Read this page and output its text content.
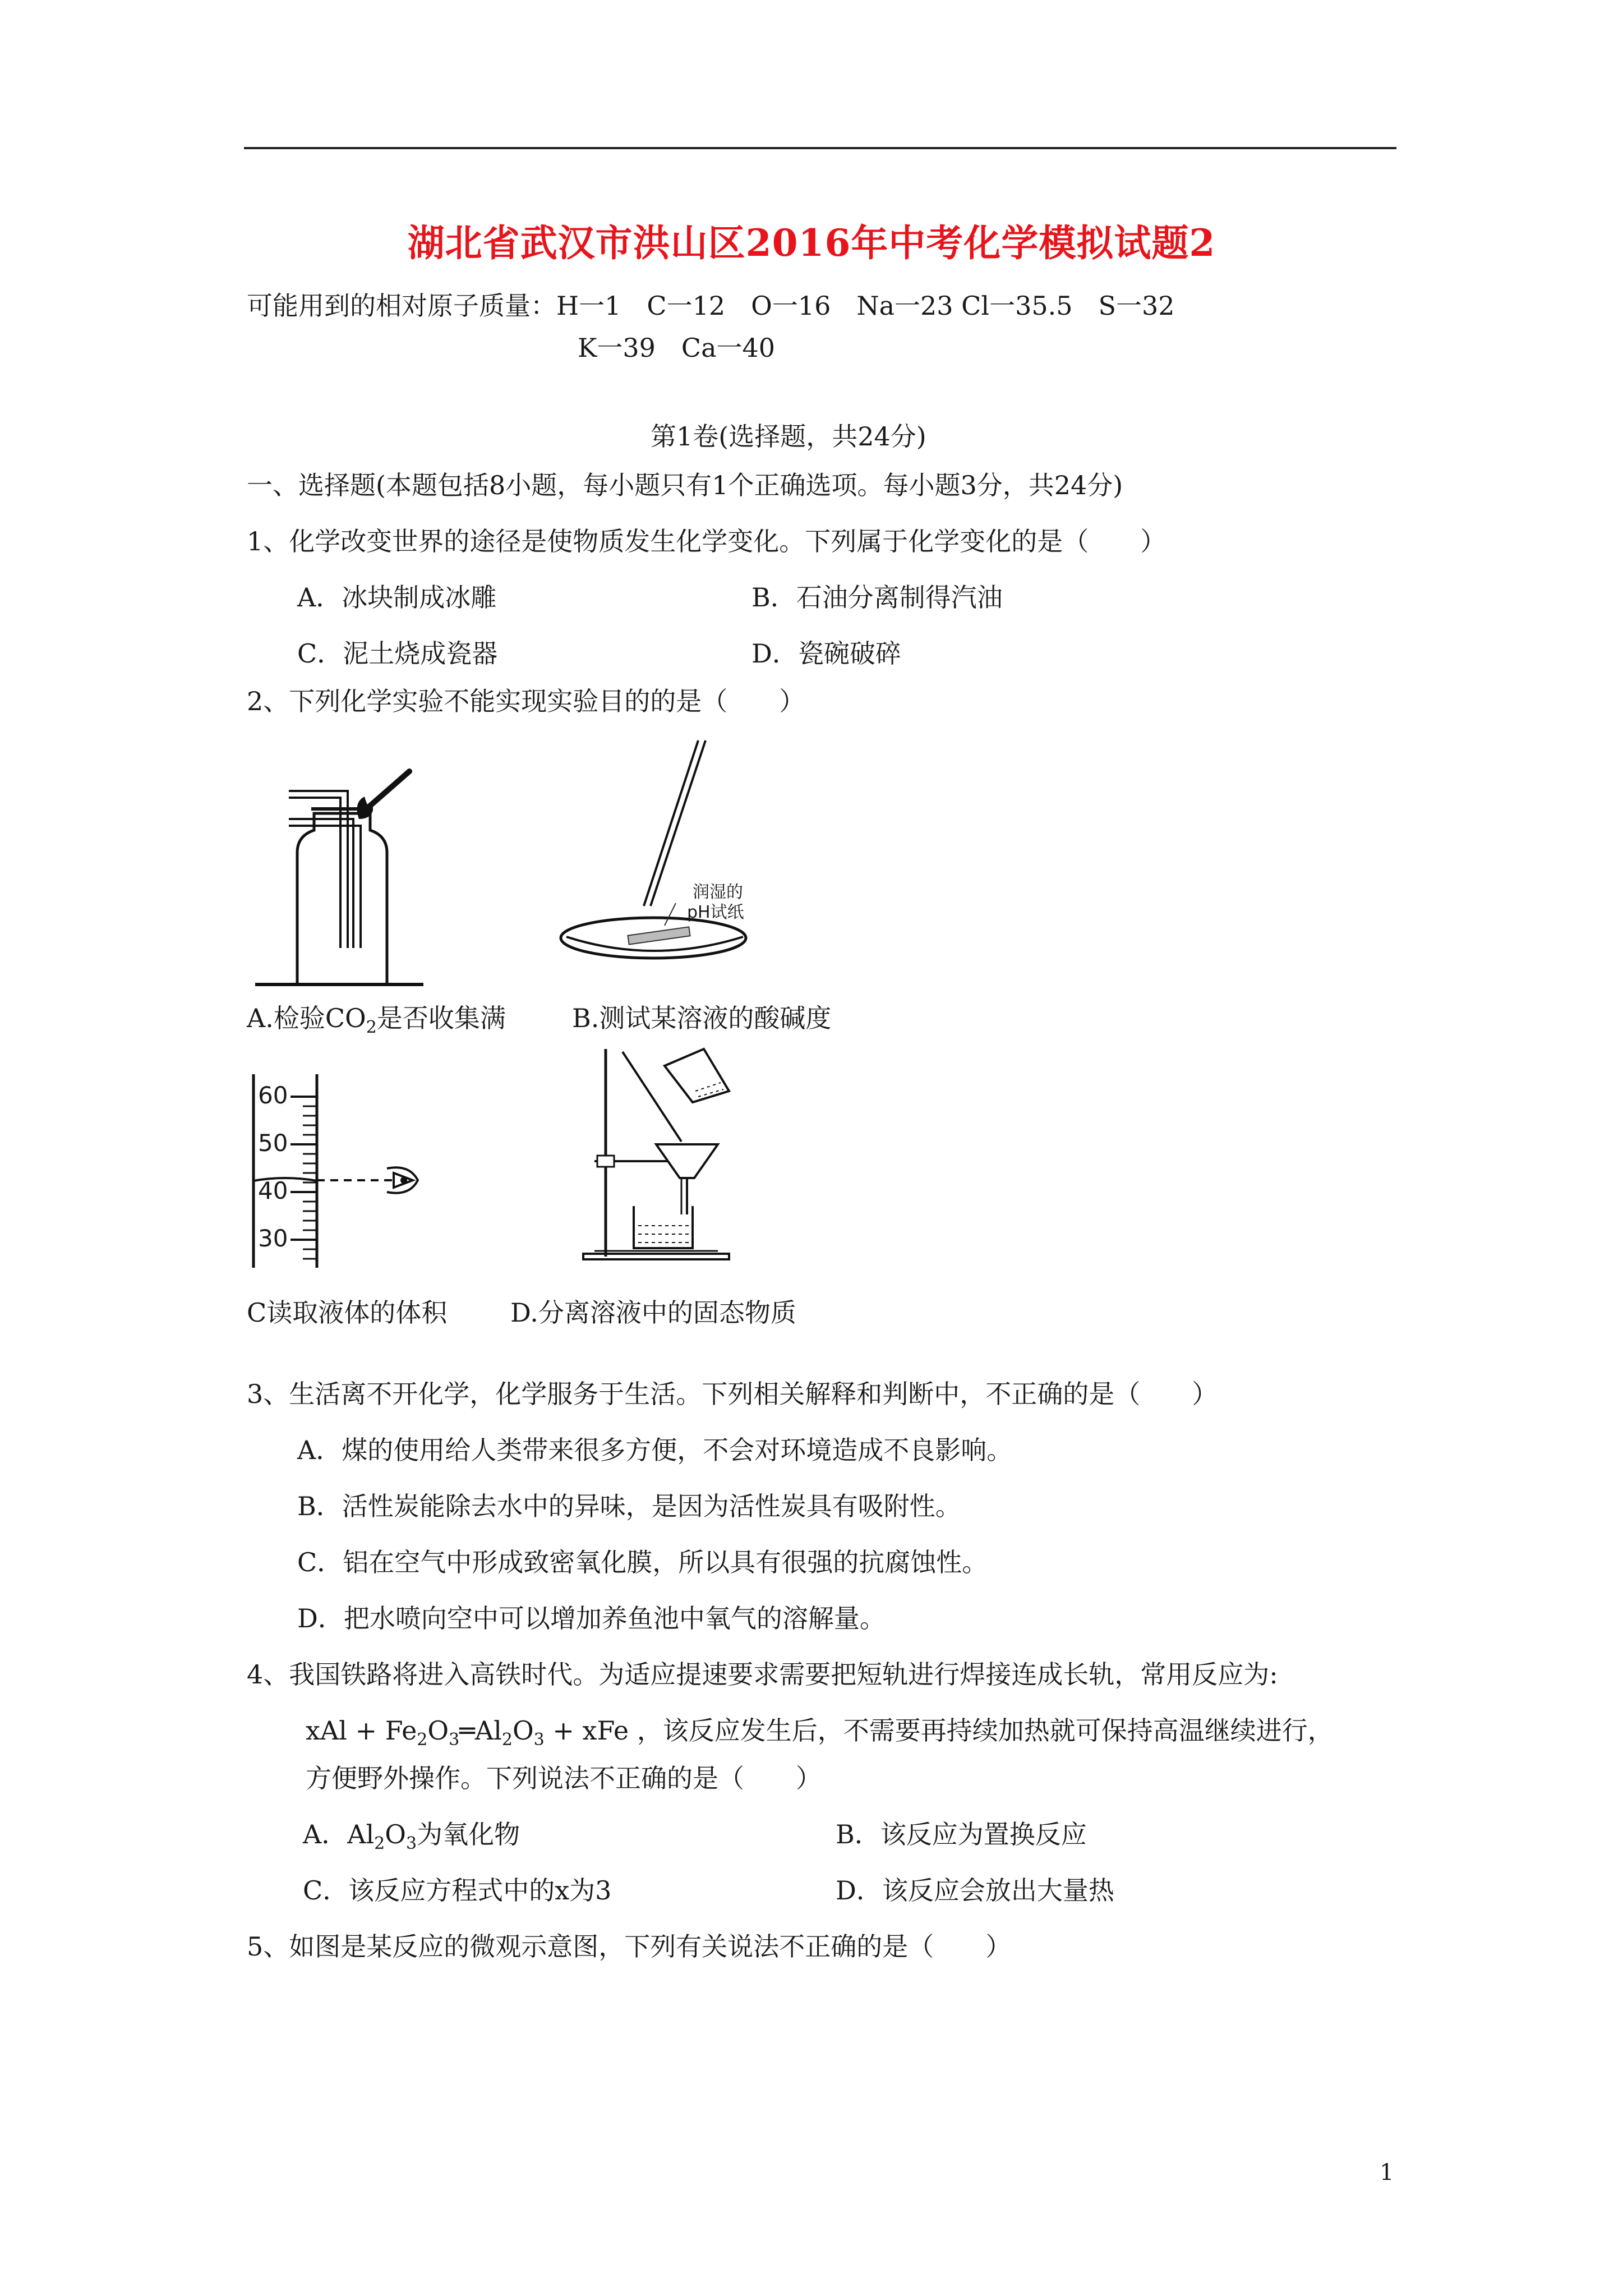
湖北省武汉市洪山区2016年中考化学模拟试题2
可能用到的相对原子质量：H一1　C一12　O一16　Na一23 Cl一35.5　S一32
K一39　Ca一40
第1卷(选择题，共24分)
一、选择题(本题包括8小题，每小题只有1个正确选项。每小题3分，共24分)
1、化学改变世界的途径是使物质发生化学变化。下列属于化学变化的是（　　）
A．冰块制成冰雕	B．石油分离制得汽油
C．泥土烧成瓷器	D．瓷碗破碎
2、下列化学实验不能实现实验目的的是（　　）
润湿的
pH试纸
A.检验$CO_2$是否收集满	B.测试某溶液的酸碱度
60
50
40
30
C读取液体的体积 D.分离溶液中的固态物质
3、生活离不开化学，化学服务于生活。下列相关解释和判断中，不正确的是（　　）
A．煤的使用给人类带来很多方便，不会对环境造成不良影响。
B．活性炭能除去水中的异味，是因为活性炭具有吸附性。
C．铝在空气中形成致密氧化膜，所以具有很强的抗腐蚀性。
D．把水喷向空中可以增加养鱼池中氧气的溶解量。
4、我国铁路将进入高铁时代。为适应提速要求需要把短轨进行焊接连成长轨，常用反应为:
xAl + $Fe_2O_3═Al_2O_3$ + xFe ，该反应发生后，不需要再持续加热就可保持高温继续进行，
方便野外操作。下列说法不正确的是（　　）
A．$Al_2O_3$为氧化物	B．该反应为置换反应
C．该反应方程式中的x为3	D．该反应会放出大量热
5、如图是某反应的微观示意图，下列有关说法不正确的是（　　）
1
